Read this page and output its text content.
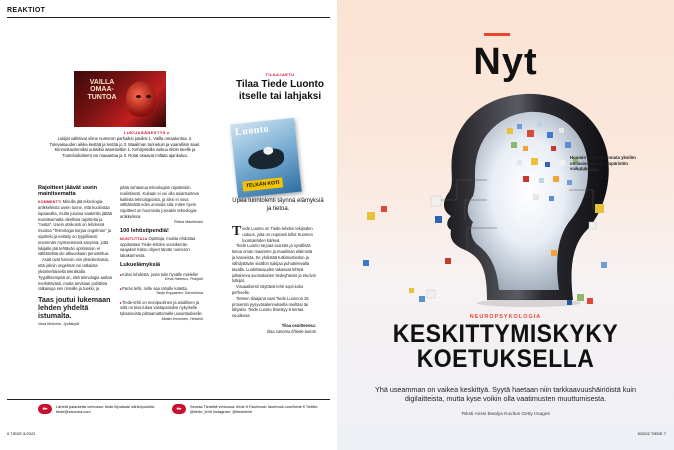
REAKTIOT
VAILLA OMAA-TUNTOA
LUKIJAÄÄNESTYS ▸
Lukijat valitsivat viime numeron parhaiksi jutuiksi 1. Vailla omaatuntoa. 2. Tulevaisuuden aikka kestää ja lentää jo 3. Maailman tunnetuin ja vaarallisin saari. Kiinnostavimmiksi uutisiksi äänestettiin 1. Kehityssolla voikuu eliöin tieelle ja Tuoteloiduttiemt voi maaantaa ja 3. Rotat osaavat miltata ajankulua.
TILAAJAETU
Tilaa Tiede Luonto itselle tai lahjaksi
Luonto
TELKÄN KOTI
Upea luontolehti täynnä elämyksiä ja tietoa.
Rajoitteet jäävät usein mainitsematta
KOMMENTTI Minulla jää teknologia-artikkeleista usein tunne, että kuulostaa lupaavalta, mutta jutussa saatettiin jättää mainitsematta oleellisia rajoitteita ja "mutta". Usein otsikointi on lehdessä muotoa "Teknologia korjaa ongelman" ja sijoittelu ja esittely on tyypillisesti enemmän myönteisessä sävyssä, jotta lukijalle jää tehtävän optimismin ei välttämättä ole alkuunkaan perusteltua.
Asiat ovat harvoin niin yksinkertaisia, että joknin ongelmat voi ratkaista yksinkertaisella tekniikalla. Tyypillisempää on, että teknologia auttaa merkittävästi, mutta tarvitaan poliittisia ratkaisuja sen rinnalle ja tueksi, ja
Taas joutui lukemaan lehden yhdeltä istumalta.
Vesa Mulkolm, Jyväskylä
pitää suhtautua teknologian rajoitteisiin realistisesti. Kukaan ei voi olla asiantunteva kaikista teknologioista, ja siksi ei ossa välttämättä edes arvioida sitä, miten hyvin rajoitteet on huomioitu jossakin teknologia-artikkelissa.
Pekka Mankkinen
100 lehtistipendiä!
MUISTUTTAJA Opettaja, muista ehdottaa oppilaistasi Tiede-lehden vuosikerran saajaksi! Katso ohjeet tämän numeron takakannesta.
Lukuelämyksiä
▸ Kiitos lehdestä, josta tulin hyvälle mielelle!
Eeva Halenus, Polojoki
▸ Paras lehti, mille saa rahalle katetta.
Tanja Koppanen, Savonlinna
▸ Tiede-lehti on monipuolinen ja asiallinen ja siitä on kiva lukea vastapainoksi nykyiselle tyksaisoista piittaamattomalle uusuntaukselle.
Mattin Immonen, Helsinki
Tiede Luonto on Tiede-lehden tekijöiden uutuus, joita on nopeasti tullut Suomen luontolehden kärkeä.
Tiede Luonto tarjoaa tuoretta ja syvällistä tietoa oman maamme ja maailman eläimistä ja kasveista. Se yhdistää tutkimustiedon ja vähdyttävän sisällön tuikijaa puhuttelevalla tavalla. Luotettavuuden takaavat lehteä julkaiseva suomalainen tiedeyhteisö ja eturivin tutkijat.
Visuaalisesti näyttävä lehti sopii koko perheelle.
Tieteen tilaajana saat Tiede Luonnon 25 prosentin pysyväsalennuksella meiltäsi tai lahjaksi. Tiede Luonto ilmestyy 8 kertaa vuodessa.
Tilaa osoitteessa:
tilaa.sanoma.fi/tiede-luonto
●▸	Lähetä palautetta verkossa: tiede.fi/palaute sähköpostilla: tiede@sanoma.com	●▸	Seuraa Tiedettä verkossa: tiede.fi Facebook: facebook.com/tiede.fi Twitter: @tiede_lehti Instagram: @tiedelehti
6 TIEDE 5/2022
Nyt
Huomio pitäisi suunnata yksilön ominaisuuksista ympäristön vaikutukseen.
NEUROPSYKOLOGIA
KESKITTYMISKYKY
KOETUKSELLA
Yhä useamman on vaikea keskittyä. Syytä haetaan niin tarkkaavuushäiriöistä kuin digilaitteista, mutta kyse voikin olla vaatimusten muuttumisesta.
Teksti Anssi Bwalya Kuvitus Getty Images
5/2022 TIEDE 7
